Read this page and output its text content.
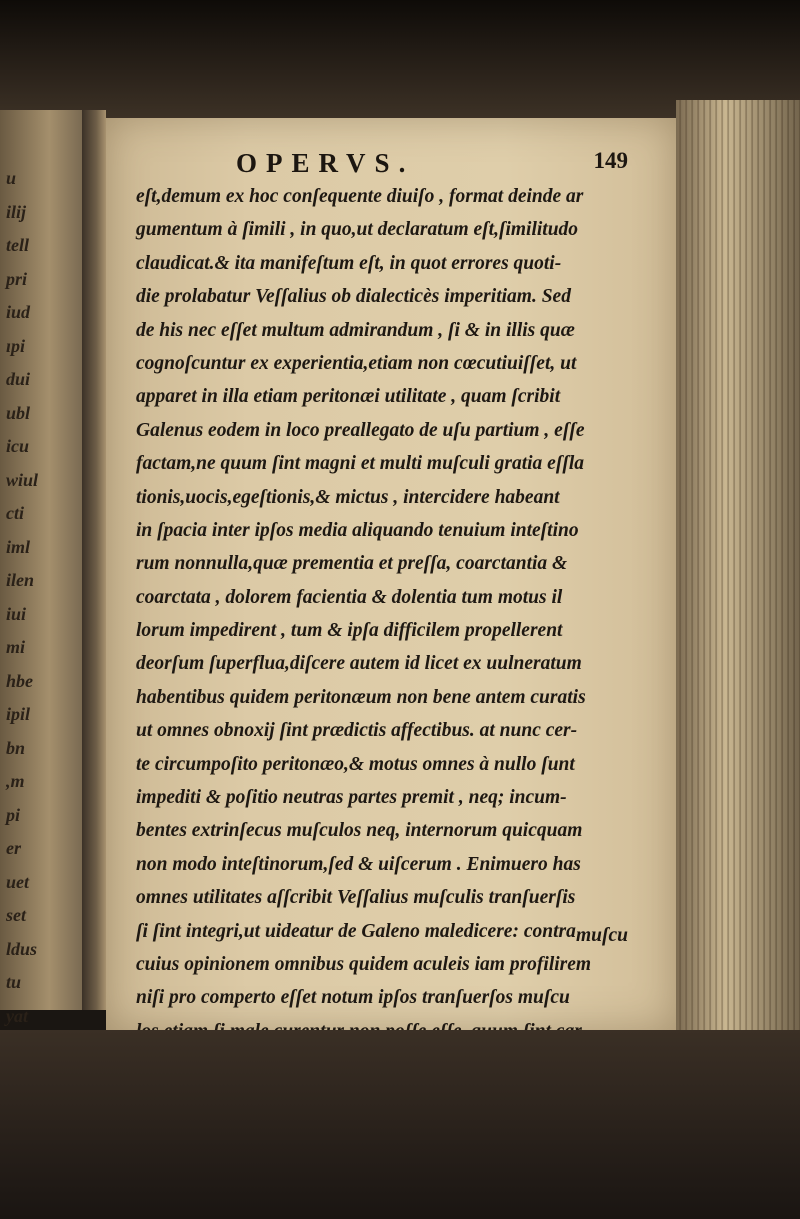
u
ilij
tell
pri
iud
ıpi
dui
ubl
icu
wiul
cti
iml
ilen
iui
mi
hbe
ipil
bn
,m
pi
er
uet
set
ldus
tu
yat
OPERVS.	149
eſt,demum ex hoc conſequente diuiſo , format deinde ar
gumentum à ſimili , in quo,ut declaratum eſt,ſimilitudo
claudicat.& ita manifeſtum eſt, in quot errores quoti-
die prolabatur Veſſalius ob dialecticès imperitiam. Sed
de his nec eſſet multum admirandum , ſi & in illis quæ
cognoſcuntur ex experientia,etiam non cœcutiuiſſet, ut
apparet in illa etiam peritonæi utilitate , quam ſcribit
Galenus eodem in loco preallegato de uſu partium , eſſe
factam,ne quum ſint magni et multi muſculi gratia eſſla
tionis,uocis,egeſtionis,& mictus , intercidere habeant
in ſpacia inter ipſos media aliquando tenuium inteſtino
rum nonnulla,quæ prementia et preſſa, coarctantia &
coarctata , dolorem facientia & dolentia tum motus il
lorum impedirent , tum & ipſa difficilem propellerent
deorſum ſuperflua,diſcere autem id licet ex uulneratum
habentibus quidem peritonæum non bene antem curatis
ut omnes obnoxij ſint prædictis affectibus. at nunc cer-
te circumpoſito peritonæo,& motus omnes à nullo ſunt
impediti & poſitio neutras partes premit , neq; incum-
bentes extrinſecus muſculos neq, internorum quicquam
non modo inteſtinorum,ſed & uiſcerum . Enimuero has
omnes utilitates aſſcribit Veſſalius muſculis tranſuerſis
ſi ſint integri,ut uideatur de Galeno maledicere: contra
cuius opinionem omnibus quidem aculeis iam profilirem
niſi pro comperto eſſet notum ipſos tranſuerſos muſcu
muſcu
